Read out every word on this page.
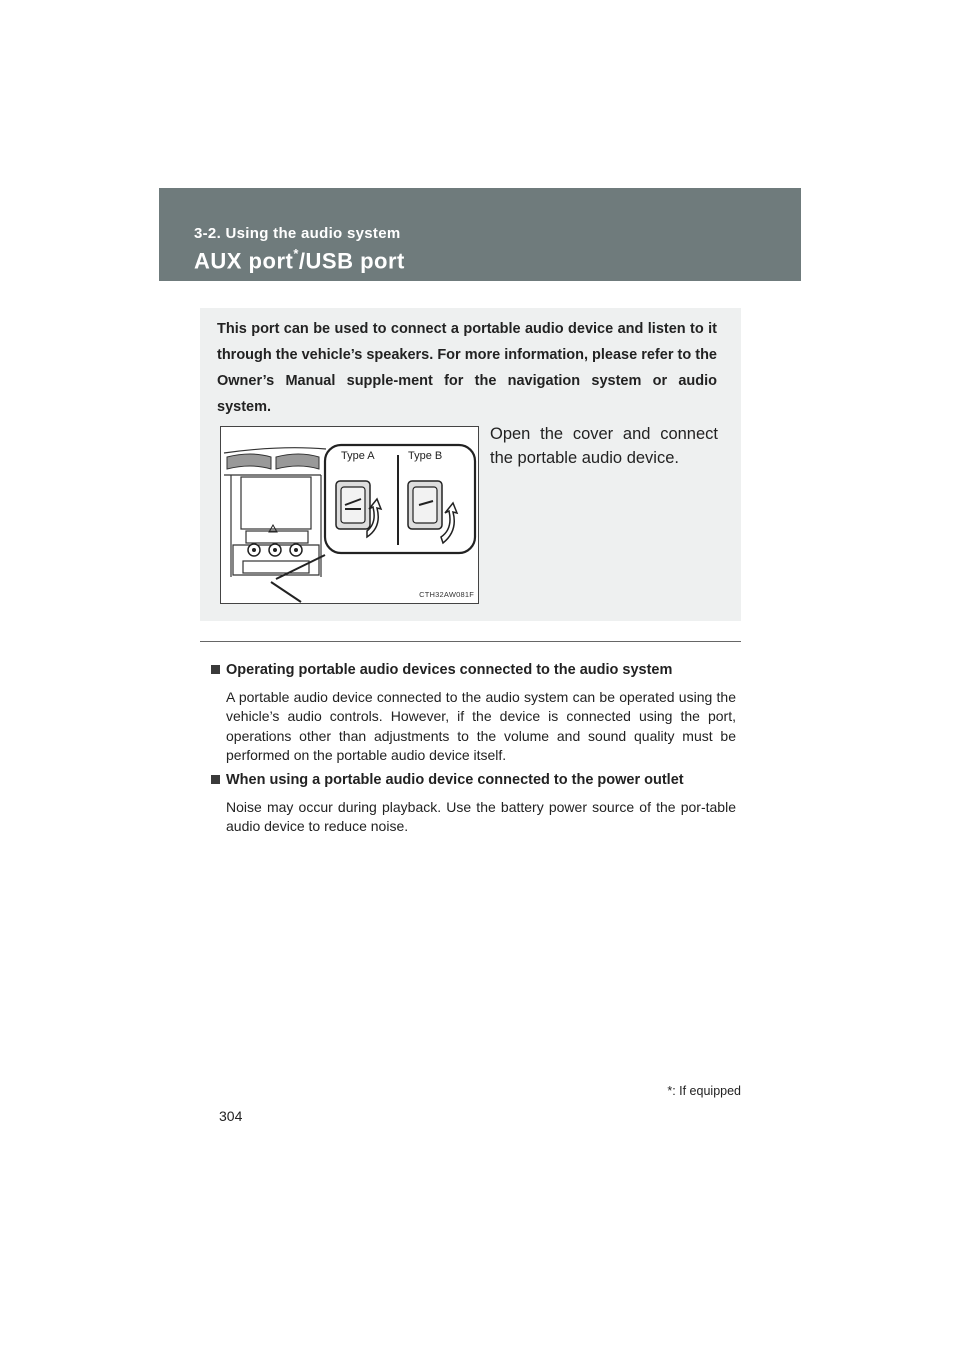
3-2. Using the audio system
AUX port*/USB port
This port can be used to connect a portable audio device and listen to it through the vehicle’s speakers. For more information, please refer to the Owner’s Manual supple-ment for the navigation system or audio system.
Open the cover and connect the portable audio device.
Type A	Type B
CTH32AW081F
Operating portable audio devices connected to the audio system
A portable audio device connected to the audio system can be operated using the vehicle’s audio controls. However, if the device is connected using the port, operations other than adjustments to the volume and sound quality must be performed on the portable audio device itself.
When using a portable audio device connected to the power outlet
Noise may occur during playback. Use the battery power source of the por-table audio device to reduce noise.
*: If equipped
304
